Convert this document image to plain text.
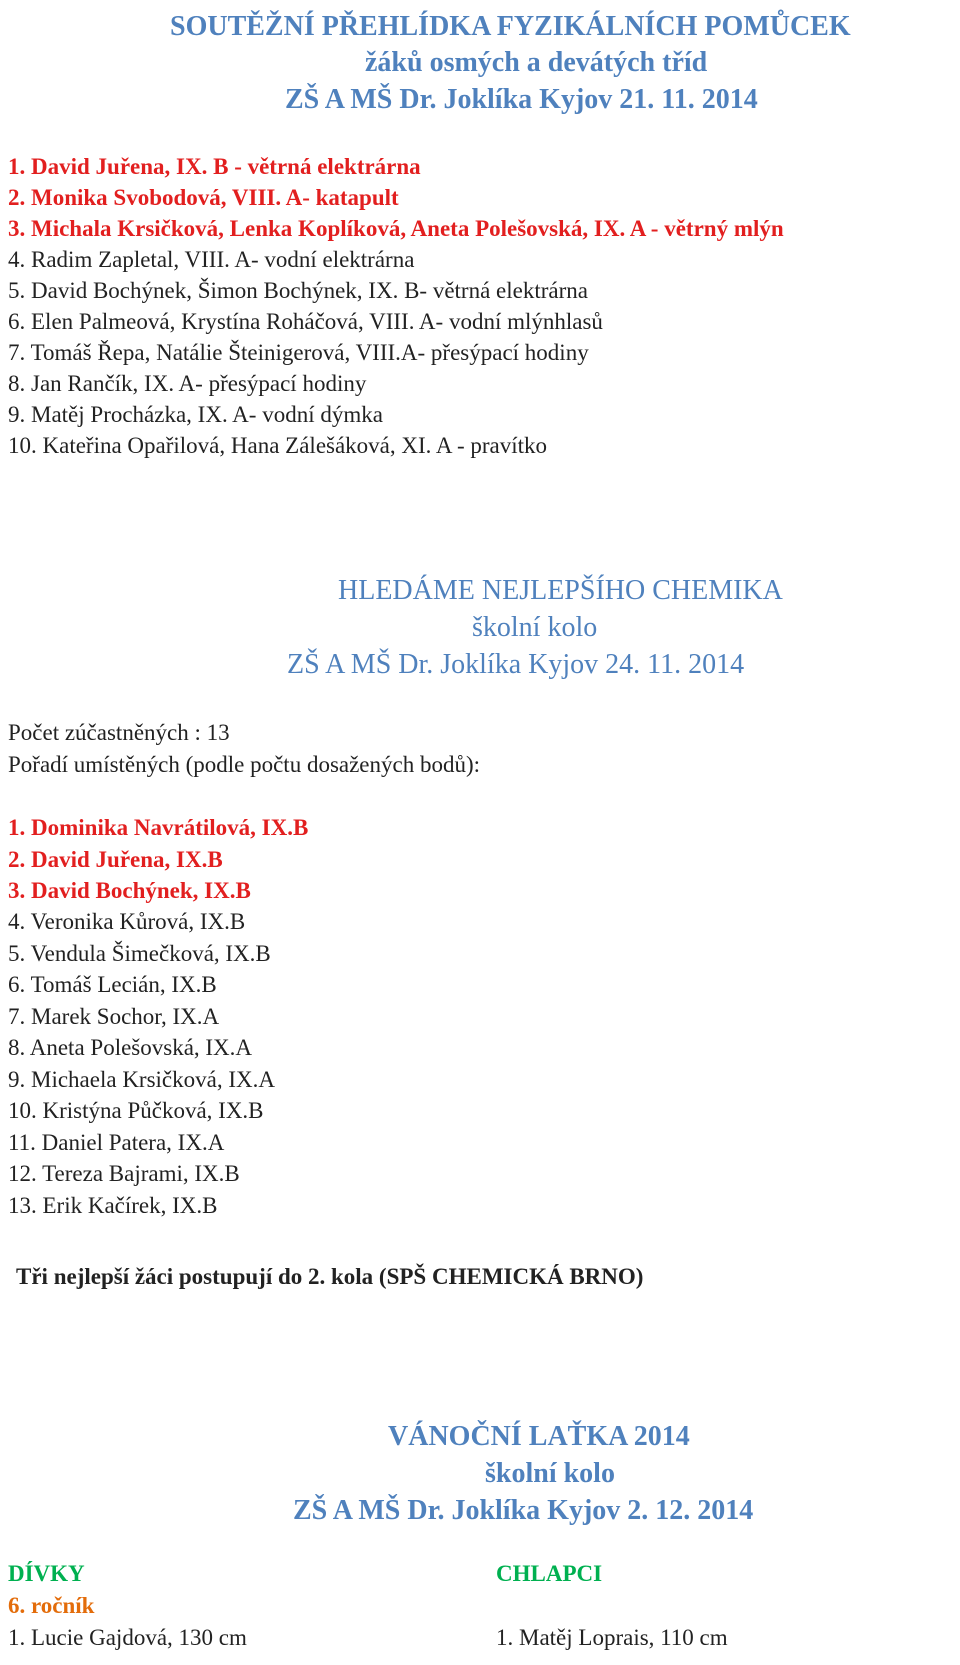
SOUTĚŽNÍ PŘEHLÍDKA FYZIKÁLNÍCH POMŮCEK
žáků osmých a devátých tříd
ZŠ A MŠ Dr. Joklíka Kyjov 21. 11. 2014
1. David Juřena, IX. B - větrná elektrárna
2. Monika Svobodová, VIII. A- katapult
3. Michala Krsičková, Lenka Koplíková, Aneta Polešovská, IX. A - větrný mlýn
4. Radim Zapletal, VIII. A- vodní elektrárna
5. David Bochýnek, Šimon Bochýnek, IX. B- větrná elektrárna
6. Elen Palmeová, Krystína Roháčová, VIII. A- vodní mlýnhlasů
7. Tomáš Řepa, Natálie Šteinigerová, VIII.A- přesýpací hodiny
8. Jan Rančík, IX. A- přesýpací hodiny
9. Matěj Procházka, IX. A- vodní dýmka
10. Kateřina Opařilová, Hana Zálešáková, XI. A - pravítko
HLEDÁME NEJLEPŠÍHO CHEMIKA
školní kolo
ZŠ A MŠ Dr. Joklíka Kyjov 24. 11. 2014
Počet zúčastněných : 13
Pořadí umístěných (podle počtu dosažených bodů):
1. Dominika Navrátilová, IX.B
2. David Juřena, IX.B
3. David Bochýnek, IX.B
4. Veronika Kůrová, IX.B
5. Vendula Šimečková, IX.B
6. Tomáš Lecián, IX.B
7. Marek Sochor, IX.A
8. Aneta Polešovská, IX.A
9. Michaela Krsičková, IX.A
10. Kristýna Půčková, IX.B
11. Daniel Patera, IX.A
12. Tereza Bajrami, IX.B
13. Erik Kačírek, IX.B
Tři nejlepší žáci postupují do 2. kola (SPŠ CHEMICKÁ BRNO)
VÁNOČNÍ LAŤKA 2014
školní kolo
ZŠ A MŠ Dr. Joklíka Kyjov 2. 12. 2014
DÍVKY	CHLAPCI
6. ročník
1. Lucie Gajdová, 130 cm	1. Matěj Loprais, 110 cm
